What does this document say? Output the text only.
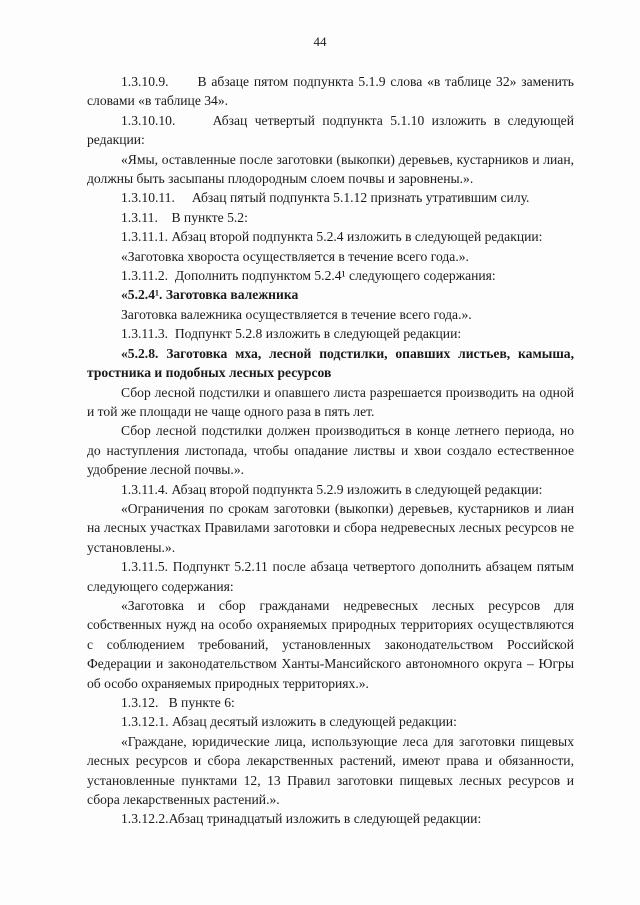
44

1.3.10.9.      В абзаце пятом подпункта 5.1.9 слова «в таблице 32» заменить словами «в таблице 34».

1.3.10.10.     Абзац четвертый подпункта 5.1.10 изложить в следующей редакции:

«Ямы, оставленные после заготовки (выкопки) деревьев, кустарников и лиан, должны быть засыпаны плодородным слоем почвы и заровнены.».

1.3.10.11.     Абзац пятый подпункта 5.1.12 признать утратившим силу.

1.3.11.    В пункте 5.2:

1.3.11.1. Абзац второй подпункта 5.2.4 изложить в следующей редакции:

«Заготовка хвороста осуществляется в течение всего года.».

1.3.11.2.  Дополнить подпунктом 5.2.4¹ следующего содержания:

«5.2.4¹. Заготовка валежника

Заготовка валежника осуществляется в течение всего года.».

1.3.11.3.  Подпункт 5.2.8 изложить в следующей редакции:

«5.2.8. Заготовка мха, лесной подстилки, опавших листьев, камыша, тростника и подобных лесных ресурсов

Сбор лесной подстилки и опавшего листа разрешается производить на одной и той же площади не чаще одного раза в пять лет.

Сбор лесной подстилки должен производиться в конце летнего периода, но до наступления листопада, чтобы опадание листвы и хвои создало естественное удобрение лесной почвы.».

1.3.11.4. Абзац второй подпункта 5.2.9 изложить в следующей редакции:

«Ограничения по срокам заготовки (выкопки) деревьев, кустарников и лиан на лесных участках Правилами заготовки и сбора недревесных лесных ресурсов не установлены.».

1.3.11.5. Подпункт 5.2.11 после абзаца четвертого дополнить абзацем пятым следующего содержания:

«Заготовка и сбор гражданами недревесных лесных ресурсов для собственных нужд на особо охраняемых природных территориях осуществляются с соблюдением требований, установленных законодательством Российской Федерации и законодательством Ханты-Мансийского автономного округа – Югры об особо охраняемых природных территориях.».

1.3.12.   В пункте 6:

1.3.12.1. Абзац десятый изложить в следующей редакции:

«Граждане, юридические лица, использующие леса для заготовки пищевых лесных ресурсов и сбора лекарственных растений, имеют права и обязанности, установленные пунктами 12, 13 Правил заготовки пищевых лесных ресурсов и сбора лекарственных растений.».

1.3.12.2.Абзац тринадцатый изложить в следующей редакции:
